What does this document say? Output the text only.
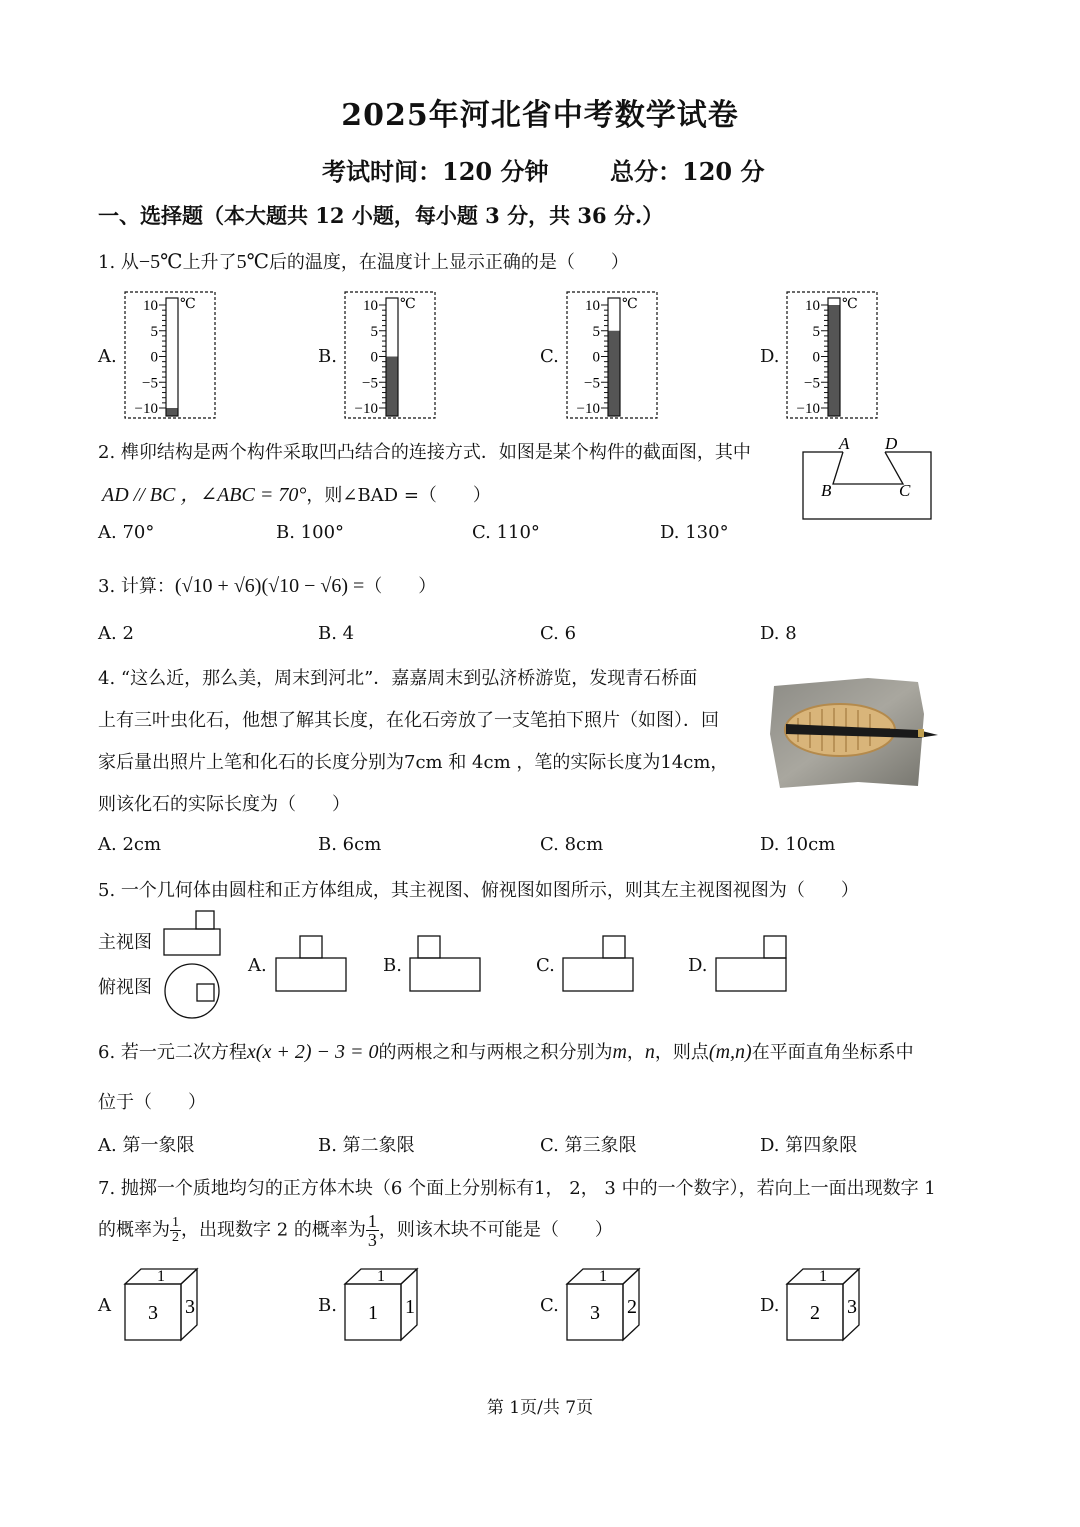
2025年河北省中考数学试卷
考试时间：120 分钟	总分：120 分
一、选择题（本大题共 12 小题，每小题 3 分，共 36 分.）
1. 从−5℃上升了5℃后的温度，在温度计上显示正确的是（　　）
A.
10
5
0
−5
−10
℃
B.
10
5
0
−5
−10
℃
C.
10
5
0
−5
−10
℃
D.
10
5
0
−5
−10
℃
2. 榫卯结构是两个构件采取凹凸结合的连接方式．如图是某个构件的截面图，其中
AD // BC ，∠ABC = 70°，则∠BAD =（　　）
A D
B	C
A. 70°	B. 100°	C. 110°	D. 130°
3. 计算：(√10 + √6)(√10 − √6) =（　　）
A. 2	B. 4	C. 6	D. 8
4. “这么近，那么美，周末到河北”．嘉嘉周末到弘济桥游览，发现青石桥面
上有三叶虫化石，他想了解其长度，在化石旁放了一支笔拍下照片（如图）．回
家后量出照片上笔和化石的长度分别为7cm 和 4cm ，笔的实际长度为14cm，
则该化石的实际长度为（　　）
A. 2cm	B. 6cm	C. 8cm	D. 10cm
5. 一个几何体由圆柱和正方体组成，其主视图、俯视图如图所示，则其左主视图视图为（　　）
主视图
俯视图
A.	B.	C.	D.
6. 若一元二次方程x(x + 2) − 3 = 0的两根之和与两根之积分别为m，n，则点(m,n)在平面直角坐标系中
位于（　　）
A. 第一象限	B. 第二象限	C. 第三象限	D. 第四象限
7. 抛掷一个质地均匀的正方体木块（6 个面上分别标有1， 2， 3 中的一个数字），若向上一面出现数字 1
的概率为 $\frac{1}{2}$ ，出现数字 2 的概率为 $\frac{1}{3}$ ，则该木块不可能是（　　）
A
1
3 3	B.
1
1 1	C.
1
3 2	D.
1
2 3
第 1页/共 7页
